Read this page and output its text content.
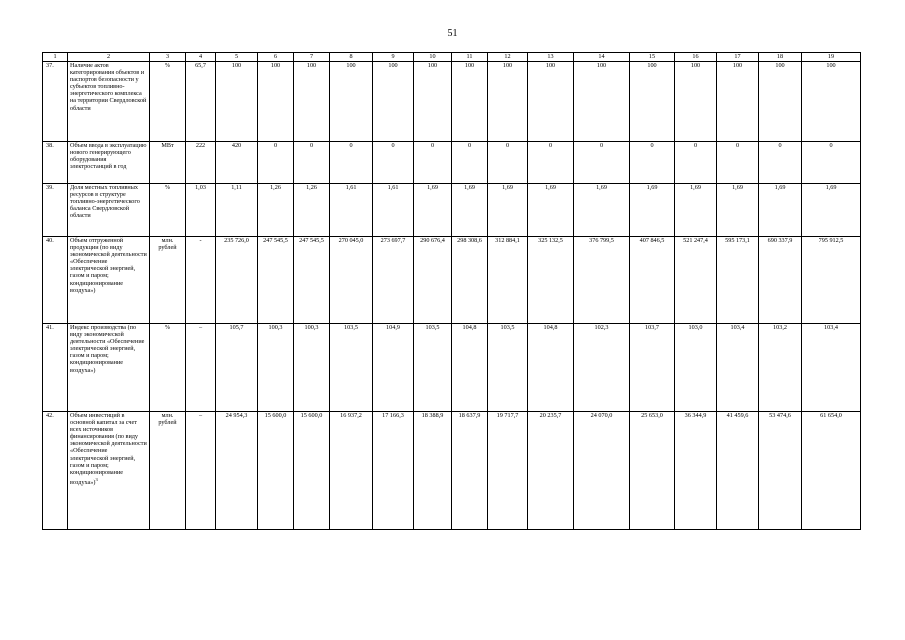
51
1	2	3	4	5	6	7	8	9	10	11	12	13	14	15	16	17	18	19
37.	Наличие актов категорирования объектов и паспортов безопасности у субъектов топливно-энергетического комплекса на территории Свердловской области	%	65,7	100	100	100	100	100	100	100	100	100	100	100	100	100	100	100
38.	Объем ввода в эксплуатацию нового генерирующего оборудования электростанций в год	МВт	222	420	0	0	0	0	0	0	0	0	0	0	0	0	0	0
39.	Доля местных топливных ресурсов в структуре топливно-энергетического баланса Свердловской области	%	1,03	1,11	1,26	1,26	1,61	1,61	1,69	1,69	1,69	1,69	1,69	1,69	1,69	1,69	1,69	1,69
40.	Объем отгруженной продукции (по виду экономической деятельности «Обеспечение электрической энергией, газом и паром; кондиционирование воздуха»)	млн. рублей	-	235 726,0	247 545,5	247 545,5	270 045,0	273 697,7	290 676,4	298 308,6	312 884,1	325 132,5	376 799,5	407 846,5	521 247,4	595 173,1	690 337,9	795 912,5
41.	Индекс производства (по виду экономической деятельности «Обеспечение электрической энергией, газом и паром; кондиционирование воздуха»)	%	–	105,7	100,3	100,3	103,5	104,9	103,5	104,8	103,5	104,8	102,3	103,7	103,0	103,4	103,2	103,4
42.	Объем инвестиций в основной капитал за счет всех источников финансирования (по виду экономической деятельности «Обеспечение электрической энергией, газом и паром; кондиционирование воздуха»)$^3$	млн. рублей	–	24 954,3	15 600,0	15 600,0	16 937,2	17 166,3	18 388,9	18 637,9	19 717,7	20 235,7	24 070,0	25 653,0	36 344,9	41 459,6	53 474,6	61 654,0
